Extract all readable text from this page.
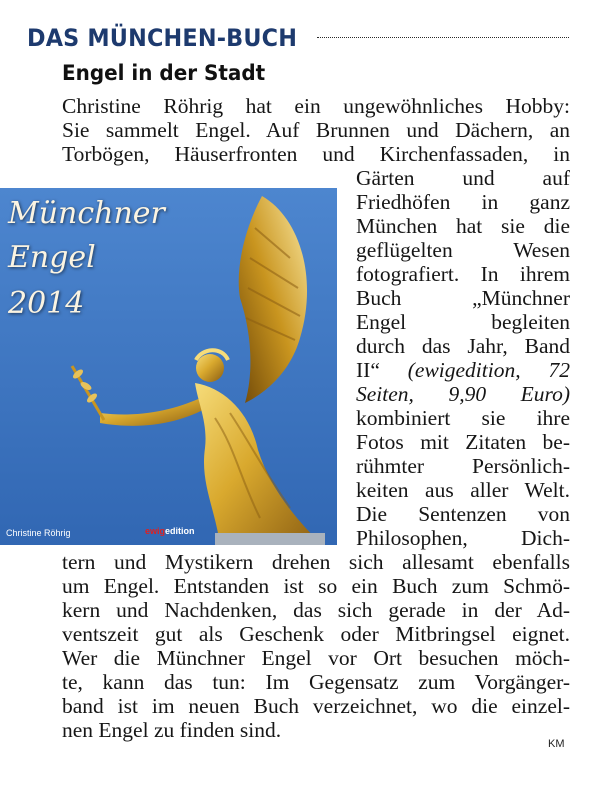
DAS MÜNCHEN-BUCH
Engel in der Stadt
Christine Röhrig hat ein ungewöhnliches Hobby:
Sie sammelt Engel. Auf Brunnen und Dächern, an
Torbögen, Häuserfronten und Kirchenfassaden, in
Gärten und auf
Friedhöfen in ganz
München hat sie die
geflügelten Wesen
fotografiert. In ihrem
Buch „Münchner
Engel begleiten
durch das Jahr, Band
II“ (ewigedition, 72
Seiten, 9,90 Euro)
kombiniert sie ihre
Fotos mit Zitaten be-
rühmter Persönlich-
keiten aus aller Welt.
Die Sentenzen von
Philosophen, Dich-
tern und Mystikern drehen sich allesamt ebenfalls
um Engel. Entstanden ist so ein Buch zum Schmö-
kern und Nachdenken, das sich gerade in der Ad-
ventszeit gut als Geschenk oder Mitbringsel eignet.
Wer die Münchner Engel vor Ort besuchen möch-
te, kann das tun: Im Gegensatz zum Vorgänger-
band ist im neuen Buch verzeichnet, wo die einzel-
nen Engel zu finden sind.
KM
Münchner
Engel
2014
Christine Röhrig	ewigedition
